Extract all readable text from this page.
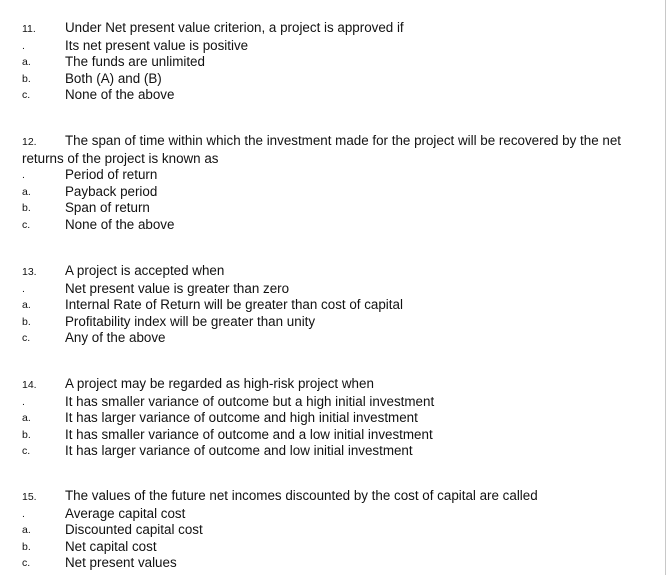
11. Under Net present value criterion, a project is approved if
.	Its net present value is positive
a.	The funds are unlimited
b.	Both (A) and (B)
c.	None of the above
12. The span of time within which the investment made for the project will be recovered by the net returns of the project is known as
.	Period of return
a.	Payback period
b.	Span of return
c.	None of the above
13. A project is accepted when
.	Net present value is greater than zero
a.	Internal Rate of Return will be greater than cost of capital
b.	Profitability index will be greater than unity
c.	Any of the above
14. A project may be regarded as high-risk project when
.	It has smaller variance of outcome but a high initial investment
a.	It has larger variance of outcome and high initial investment
b.	It has smaller variance of outcome and a low initial investment
c.	It has larger variance of outcome and low initial investment
15. The values of the future net incomes discounted by the cost of capital are called
.	Average capital cost
a.	Discounted capital cost
b.	Net capital cost
c.	Net present values
